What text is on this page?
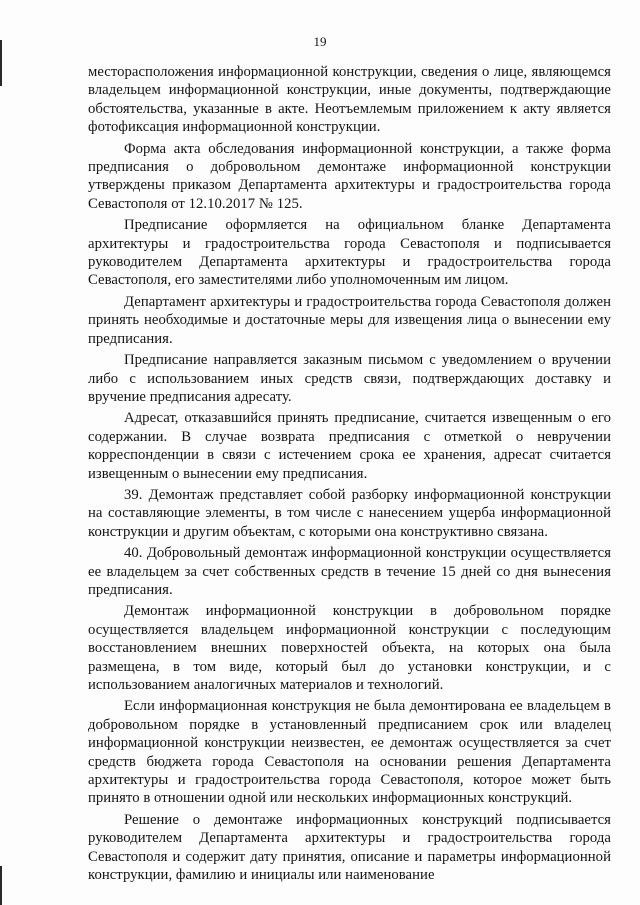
19

месторасположения информационной конструкции, сведения о лице, являющемся владельцем информационной конструкции, иные документы, подтверждающие обстоятельства, указанные в акте. Неотъемлемым приложением к акту является фотофиксация информационной конструкции.

Форма акта обследования информационной конструкции, а также форма предписания о добровольном демонтаже информационной конструкции утверждены приказом Департамента архитектуры и градостроительства города Севастополя от 12.10.2017 № 125.

Предписание оформляется на официальном бланке Департамента архитектуры и градостроительства города Севастополя и подписывается руководителем Департамента архитектуры и градостроительства города Севастополя, его заместителями либо уполномоченным им лицом.

Департамент архитектуры и градостроительства города Севастополя должен принять необходимые и достаточные меры для извещения лица о вынесении ему предписания.

Предписание направляется заказным письмом с уведомлением о вручении либо с использованием иных средств связи, подтверждающих доставку и вручение предписания адресату.

Адресат, отказавшийся принять предписание, считается извещенным о его содержании. В случае возврата предписания с отметкой о невручении корреспонденции в связи с истечением срока ее хранения, адресат считается извещенным о вынесении ему предписания.

39. Демонтаж представляет собой разборку информационной конструкции на составляющие элементы, в том числе с нанесением ущерба информационной конструкции и другим объектам, с которыми она конструктивно связана.

40. Добровольный демонтаж информационной конструкции осуществляется ее владельцем за счет собственных средств в течение 15 дней со дня вынесения предписания.

Демонтаж информационной конструкции в добровольном порядке осуществляется владельцем информационной конструкции с последующим восстановлением внешних поверхностей объекта, на которых она была размещена, в том виде, который был до установки конструкции, и с использованием аналогичных материалов и технологий.

Если информационная конструкция не была демонтирована ее владельцем в добровольном порядке в установленный предписанием срок или владелец информационной конструкции неизвестен, ее демонтаж осуществляется за счет средств бюджета города Севастополя на основании решения Департамента архитектуры и градостроительства города Севастополя, которое может быть принято в отношении одной или нескольких информационных конструкций.

Решение о демонтаже информационных конструкций подписывается руководителем Департамента архитектуры и градостроительства города Севастополя и содержит дату принятия, описание и параметры информационной конструкции, фамилию и инициалы или наименование
